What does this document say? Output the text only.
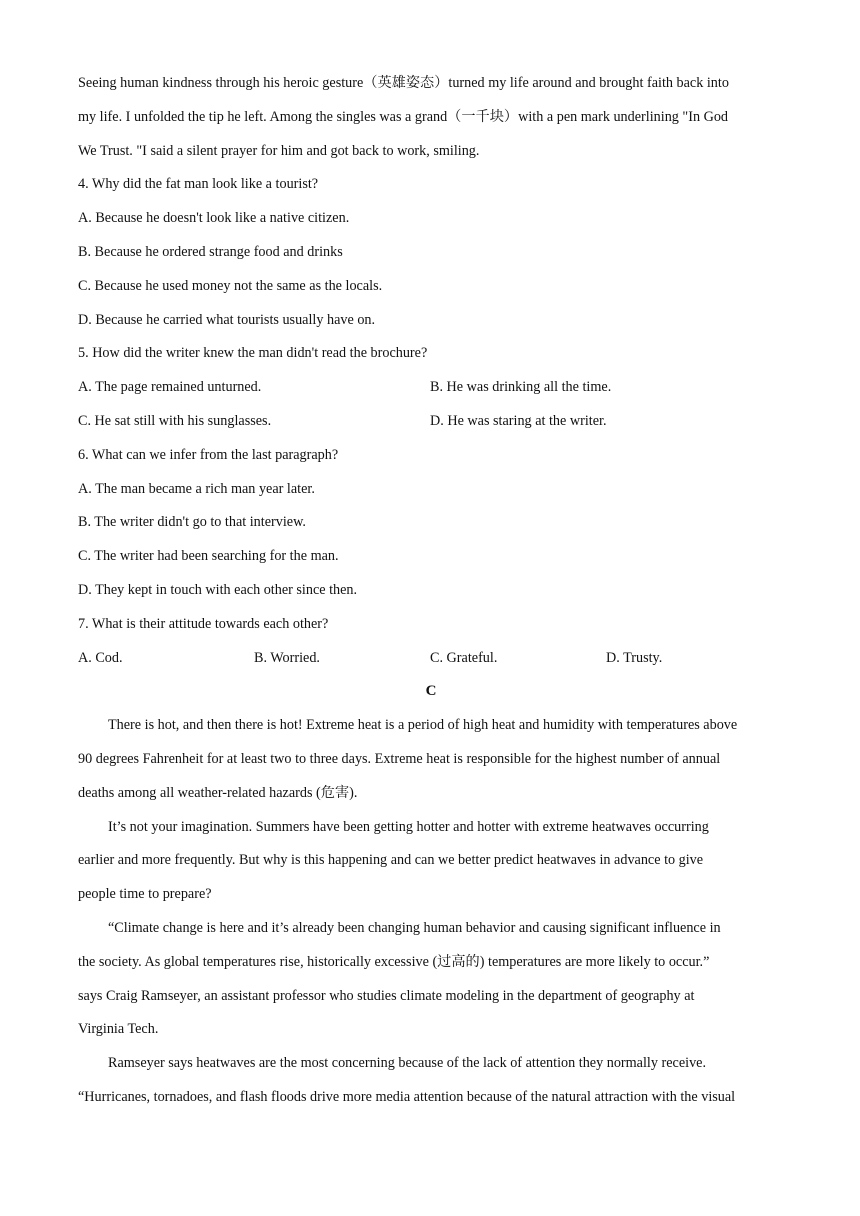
Seeing human kindness through his heroic gesture（英雄姿态）turned my life around and brought faith back into
my life. I unfolded the tip he left. Among the singles was a grand（一千块）with a pen mark underlining "In God
We Trust. "I said a silent prayer for him and got back to work, smiling.
4. Why did the fat man look like a tourist?
A. Because he doesn't look like a native citizen.
B. Because he ordered strange food and drinks
C. Because he used money not the same as the locals.
D. Because he carried what tourists usually have on.
5. How did the writer knew the man didn't read the brochure?
A. The page remained unturned.	B. He was drinking all the time.
C. He sat still with his sunglasses.	D. He was staring at the writer.
6. What can we infer from the last paragraph?
A. The man became a rich man year later.
B. The writer didn't go to that interview.
C. The writer had been searching for the man.
D. They kept in touch with each other since then.
7. What is their attitude towards each other?
A. Cod.	B. Worried.	C. Grateful.	D. Trusty.
C
There is hot, and then there is hot! Extreme heat is a period of high heat and humidity with temperatures above
90 degrees Fahrenheit for at least two to three days. Extreme heat is responsible for the highest number of annual
deaths among all weather-related hazards (危害).
It’s not your imagination. Summers have been getting hotter and hotter with extreme heatwaves occurring
earlier and more frequently. But why is this happening and can we better predict heatwaves in advance to give
people time to prepare?
“Climate change is here and it’s already been changing human behavior and causing significant influence in
the society. As global temperatures rise, historically excessive (过高的) temperatures are more likely to occur.”
says Craig Ramseyer, an assistant professor who studies climate modeling in the department of geography at
Virginia Tech.
Ramseyer says heatwaves are the most concerning because of the lack of attention they normally receive.
“Hurricanes, tornadoes, and flash floods drive more media attention because of the natural attraction with the visual
